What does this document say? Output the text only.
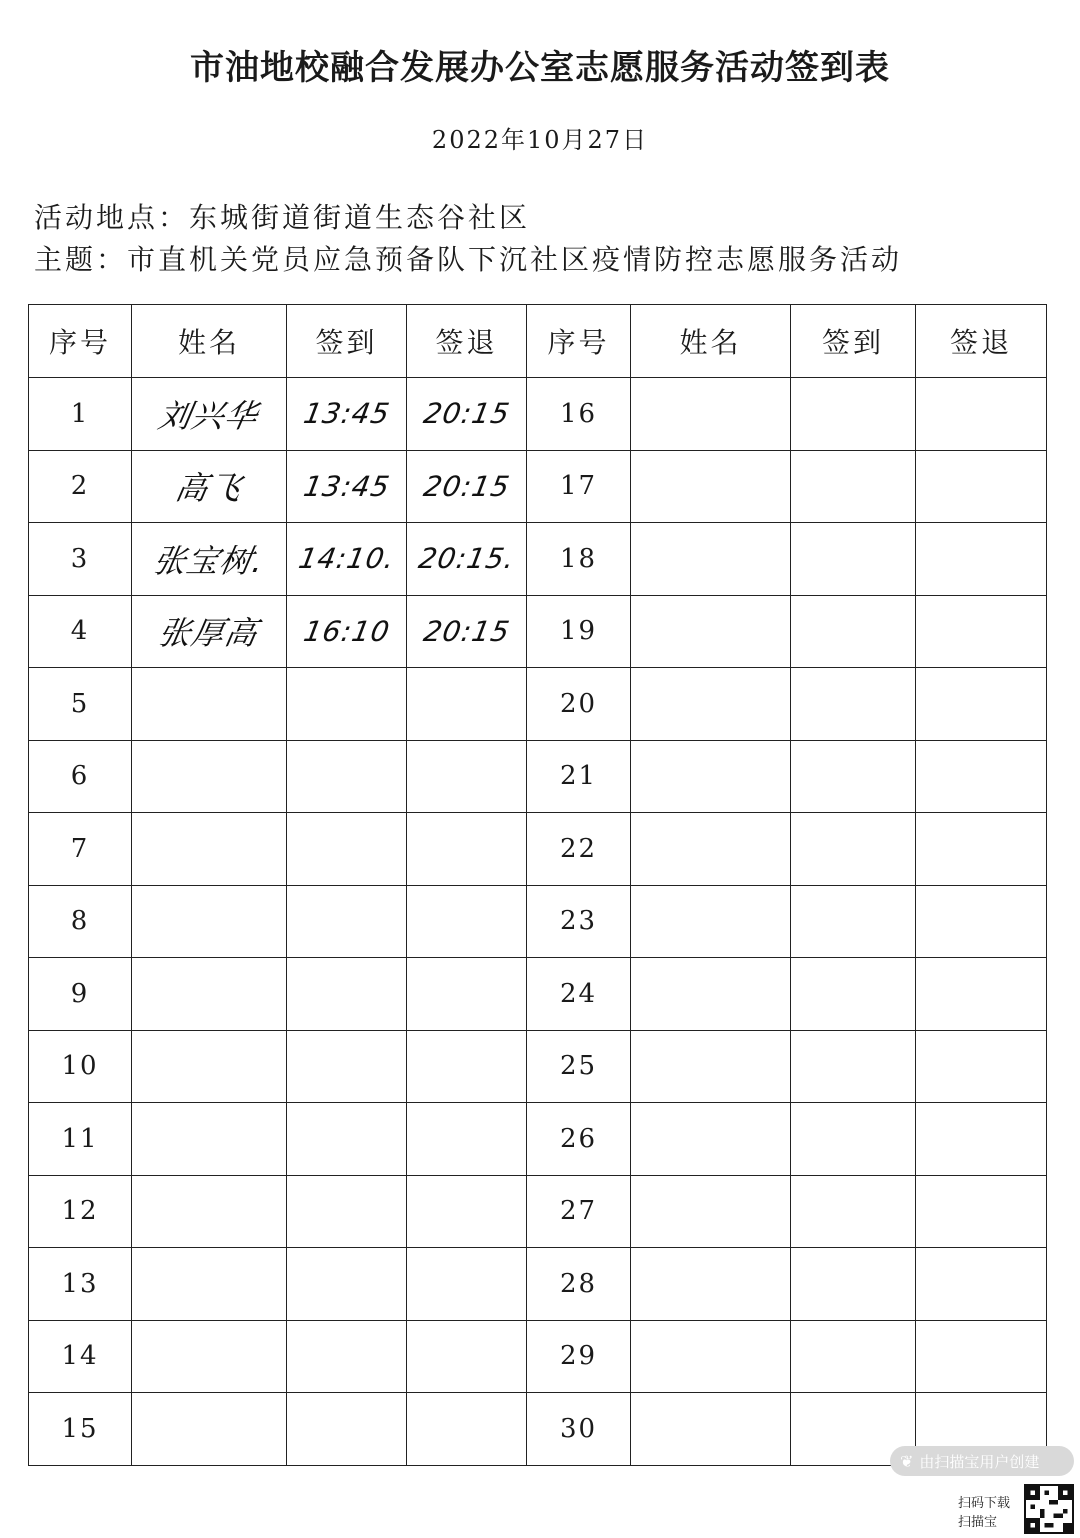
市油地校融合发展办公室志愿服务活动签到表
2022年10月27日
活动地点：东城街道街道生态谷社区
主题：市直机关党员应急预备队下沉社区疫情防控志愿服务活动
序号	姓名	签到	签退	序号	姓名	签到	签退
1	刘兴华	13:45	20:15	16			
2	高飞	13:45	20:15	17			
3	张宝树.	14:10.	20:15.	18			
4	张厚高	16:10	20:15	19			
5				20			
6				21			
7				22			
8				23			
9				24			
10				25			
11				26			
12				27			
13				28			
14				29			
15				30			
❦ 由扫描宝用户创建
扫码下载
扫描宝
